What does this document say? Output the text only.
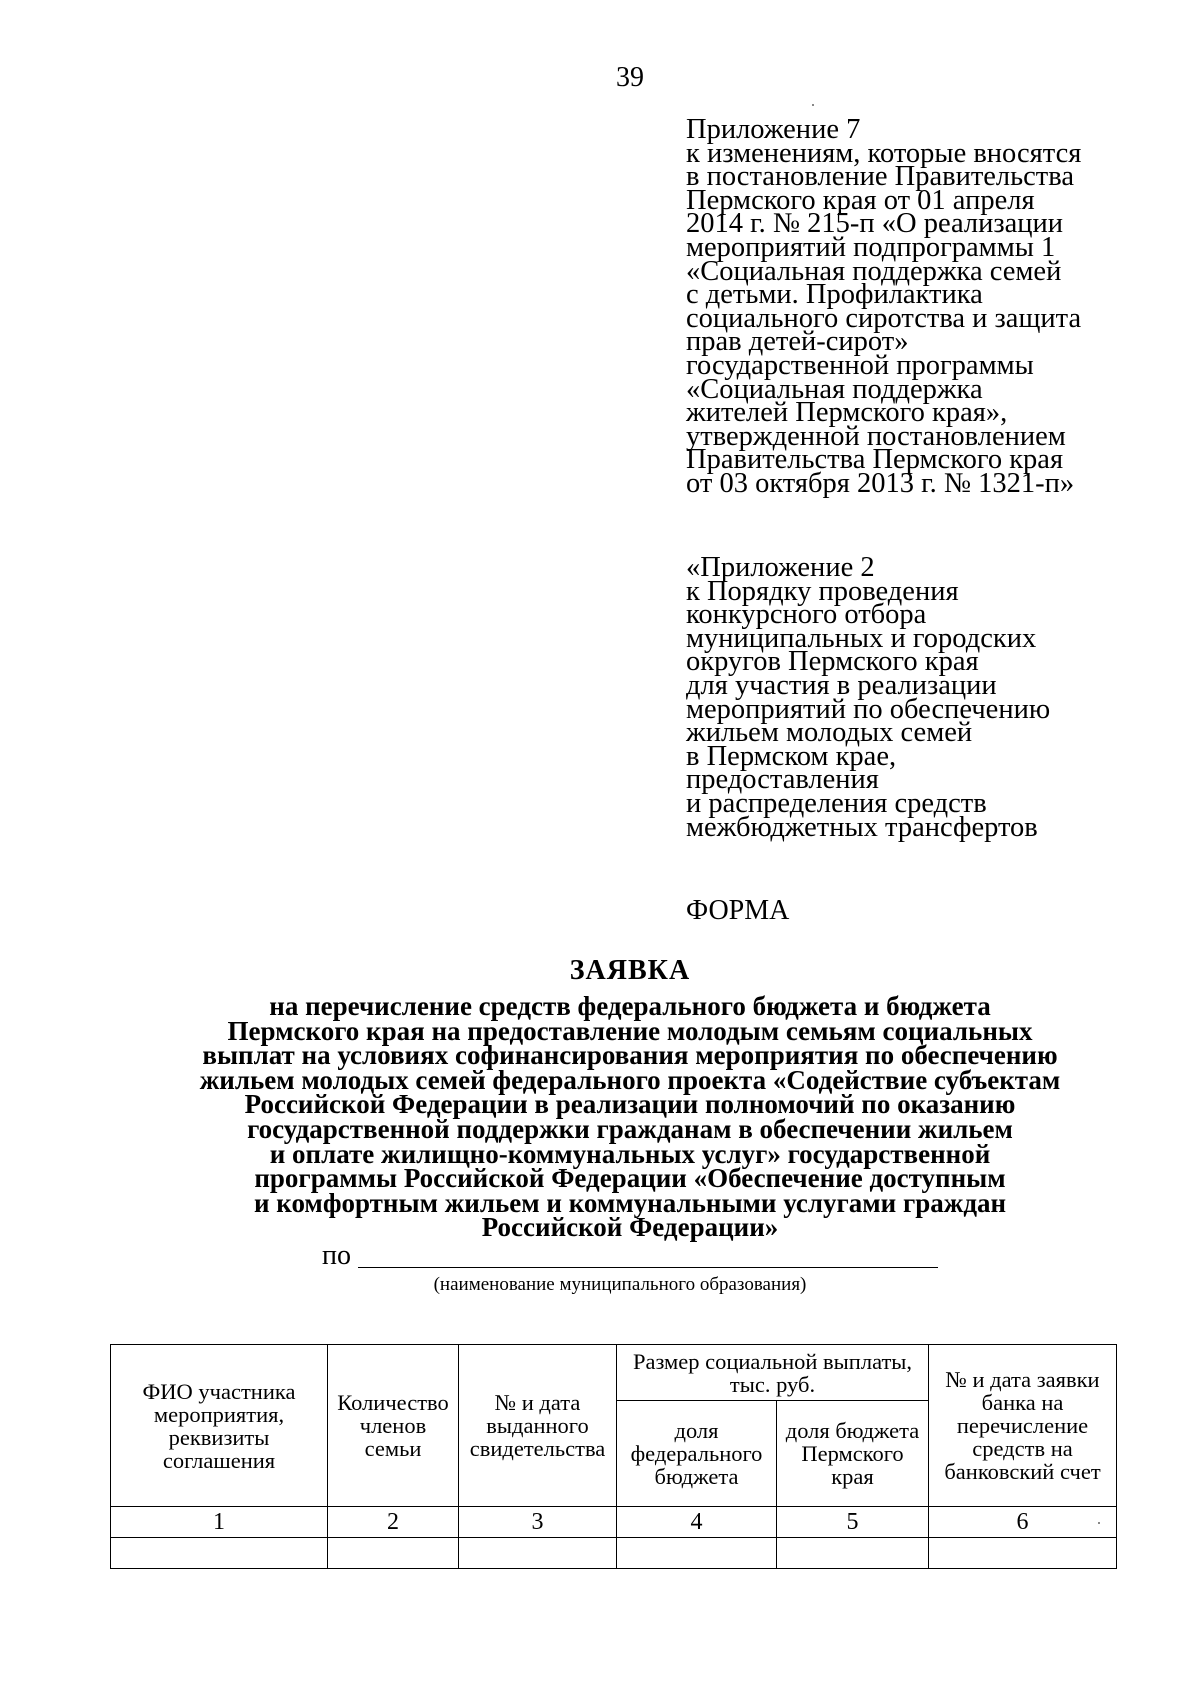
39
Приложение 7
к изменениям, которые вносятся
в постановление Правительства
Пермского края от 01 апреля
2014 г. № 215-п «О реализации
мероприятий подпрограммы 1
«Социальная поддержка семей
с детьми. Профилактика
социального сиротства и защита
прав детей-сирот»
государственной программы
«Социальная поддержка
жителей Пермского края»,
утвержденной постановлением
Правительства Пермского края
от 03 октября 2013 г. № 1321-п»
«Приложение 2
к Порядку проведения
конкурсного отбора
муниципальных и городских
округов Пермского края
для участия в реализации
мероприятий по обеспечению
жильем молодых семей
в Пермском крае,
предоставления
и распределения средств
межбюджетных трансфертов
ФОРМА
ЗАЯВКА
на перечисление средств федерального бюджета и бюджета
Пермского края на предоставление молодым семьям социальных
выплат на условиях софинансирования мероприятия по обеспечению
жильем молодых семей федерального проекта «Содействие субъектам
Российской Федерации в реализации полномочий по оказанию
государственной поддержки гражданам в обеспечении жильем
и оплате жилищно-коммунальных услуг» государственной
программы Российской Федерации «Обеспечение доступным
и комфортным жильем и коммунальными услугами граждан
Российской Федерации»
по
(наименование муниципального образования)
ФИО участника мероприятия, реквизиты соглашения	Количество членов семьи	№ и дата выданного свидетельства	Размер социальной выплаты, тыс. руб.		№ и дата заявки банка на перечисление средств на банковский счет
			доля федерального бюджета	доля бюджета Пермского края	
1	2	3	4	5	6
